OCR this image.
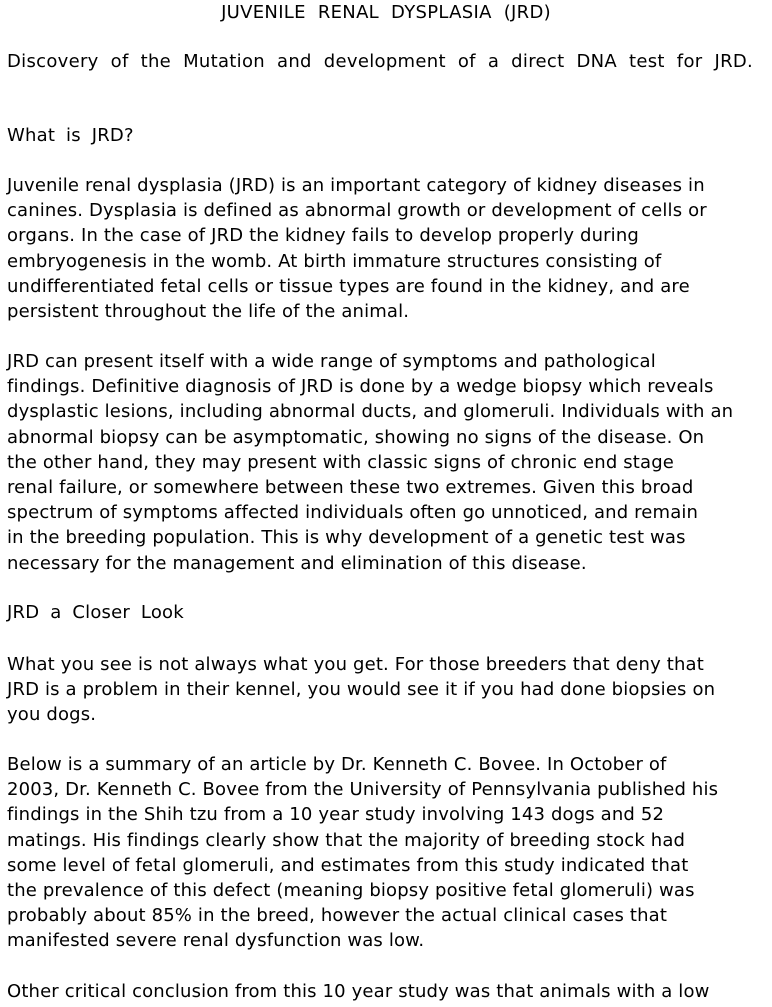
JUVENILE RENAL DYSPLASIA (JRD)
Discovery of the Mutation and development of a direct DNA test for JRD.
What is JRD?
Juvenile renal dysplasia (JRD) is an important category of kidney diseases in
canines. Dysplasia is defined as abnormal growth or development of cells or
organs. In the case of JRD the kidney fails to develop properly during
embryogenesis in the womb. At birth immature structures consisting of
undifferentiated fetal cells or tissue types are found in the kidney, and are
persistent throughout the life of the animal.
JRD can present itself with a wide range of symptoms and pathological
findings. Definitive diagnosis of JRD is done by a wedge biopsy which reveals
dysplastic lesions, including abnormal ducts, and glomeruli. Individuals with an
abnormal biopsy can be asymptomatic, showing no signs of the disease. On
the other hand, they may present with classic signs of chronic end stage
renal failure, or somewhere between these two extremes. Given this broad
spectrum of symptoms affected individuals often go unnoticed, and remain
in the breeding population. This is why development of a genetic test was
necessary for the management and elimination of this disease.
JRD a Closer Look
What you see is not always what you get. For those breeders that deny that
JRD is a problem in their kennel, you would see it if you had done biopsies on
you dogs.
Below is a summary of an article by Dr. Kenneth C. Bovee. In October of
2003, Dr. Kenneth C. Bovee from the University of Pennsylvania published his
findings in the Shih tzu from a 10 year study involving 143 dogs and 52
matings. His findings clearly show that the majority of breeding stock had
some level of fetal glomeruli, and estimates from this study indicated that
the prevalence of this defect (meaning biopsy positive fetal glomeruli) was
probably about 85% in the breed, however the actual clinical cases that
manifested severe renal dysfunction was low.
Other critical conclusion from this 10 year study was that animals with a low
